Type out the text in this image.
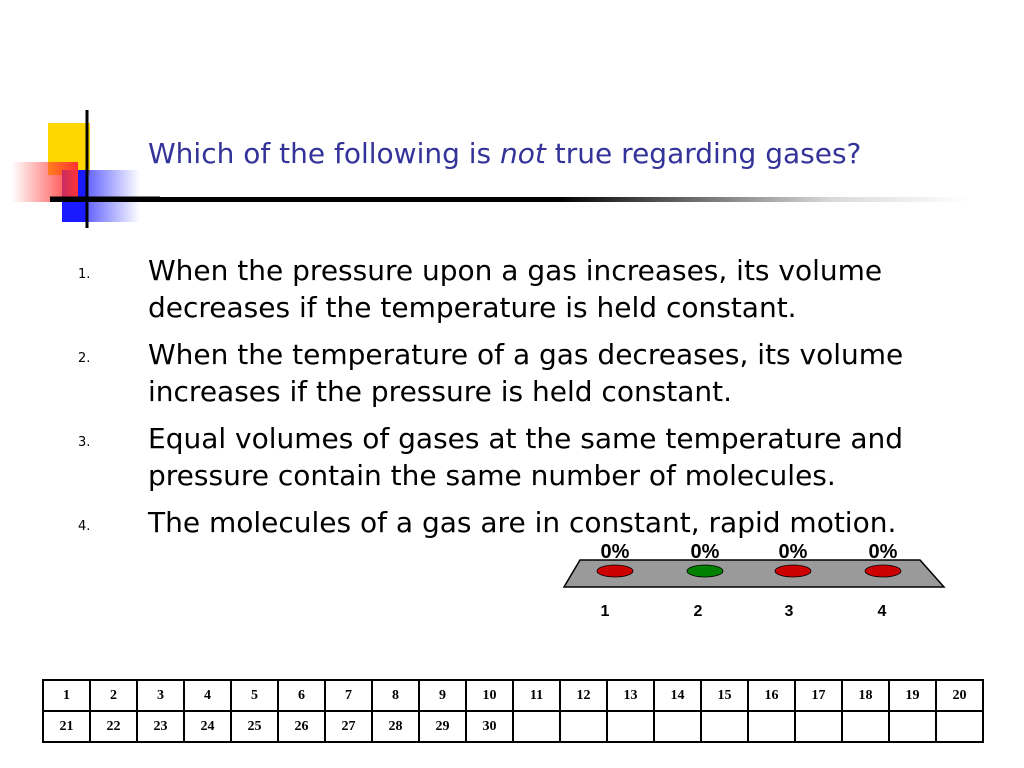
Which of the following is not true regarding gases?
1.	When the pressure upon a gas increases, its volume decreases if the temperature is held constant.
2.	When the temperature of a gas decreases, its volume increases if the pressure is held constant.
3.	Equal volumes of gases at the same temperature and pressure contain the same number of molecules.
4.	The molecules of a gas are in constant, rapid motion.
0%
1
0%
2
0%
3
0%
4
1	2	3	4	5	6	7	8	9	10	11	12	13	14	15	16	17	18	19	20
21	22	23	24	25	26	27	28	29	30										
